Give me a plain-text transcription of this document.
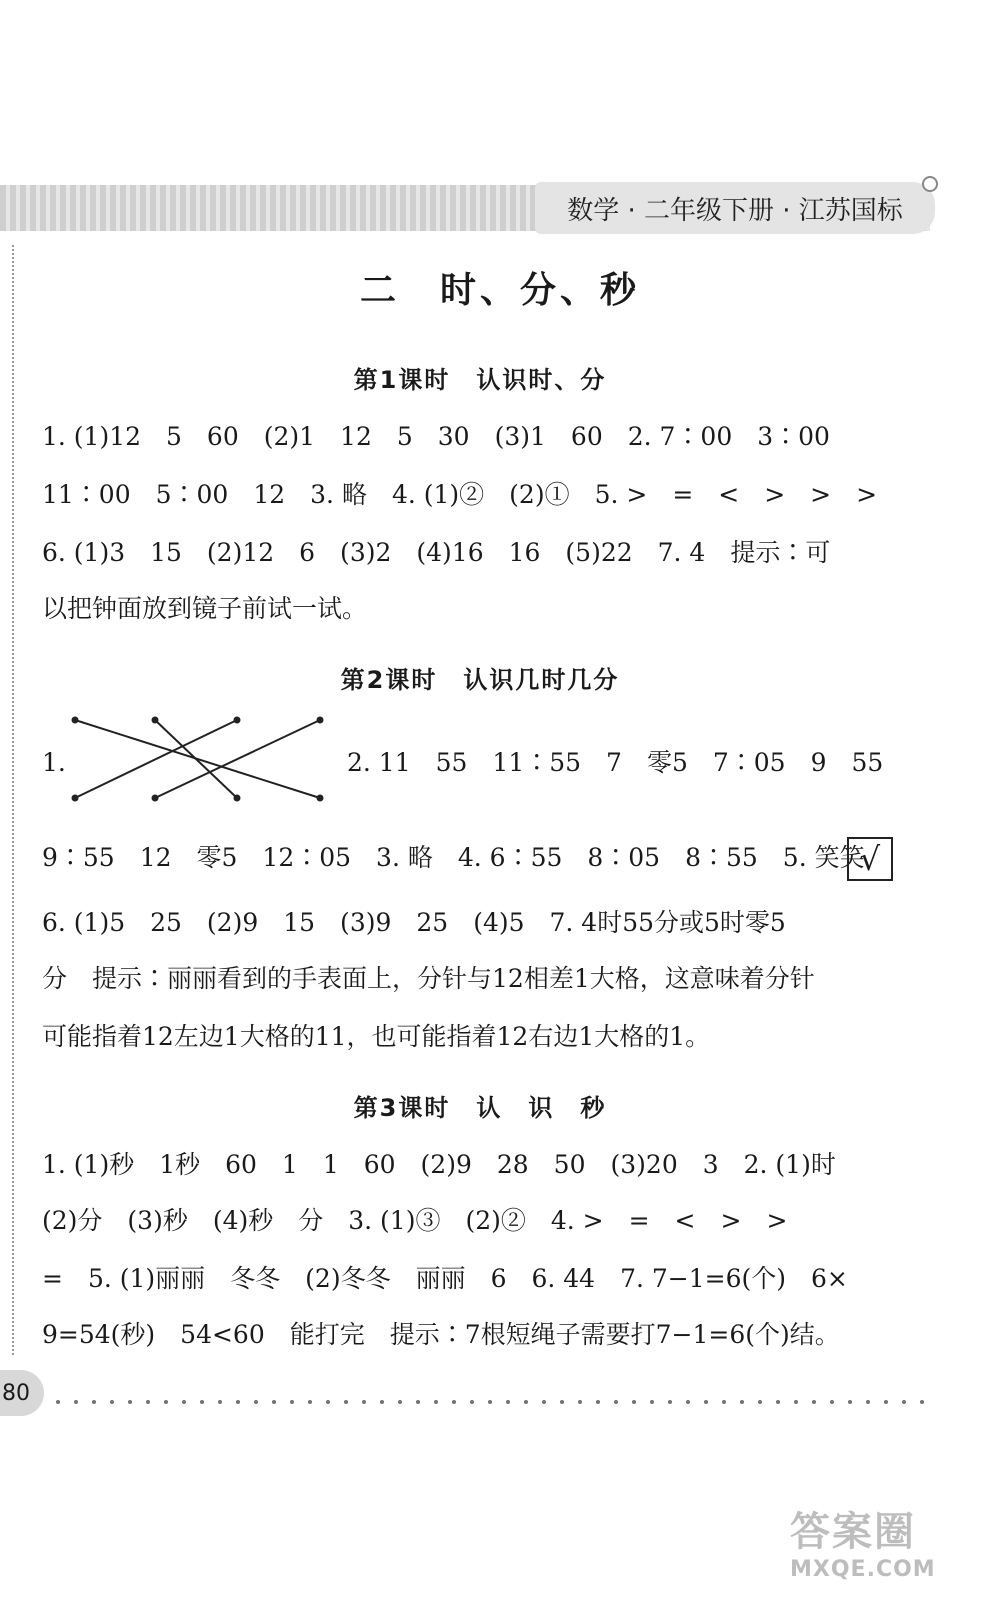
数学 · 二年级下册 · 江苏国标
二　时、分、秒
第1课时　认识时、分
1. (1)12　5　60　(2)1　12　5　30　(3)1　60　2. 7∶00　3∶00
11∶00　5∶00　12　3. 略　4. (1)②　(2)①　5. >　=　<　>　>　>
6. (1)3　15　(2)12　6　(3)2　(4)16　16　(5)22　7. 4　提示∶可
以把钟面放到镜子前试一试。
第2课时　认识几时几分
1.	2. 11　55　11∶55　7　零5　7∶05　9　55
9∶55　12　零5　12∶05　3. 略　4. 6∶55　8∶05　8∶55　5. 笑笑
√
6. (1)5　25　(2)9　15　(3)9　25　(4)5　7. 4时55分或5时零5
分　提示∶丽丽看到的手表面上，分针与12相差1大格，这意味着分针
可能指着12左边1大格的11，也可能指着12右边1大格的1。
第3课时　认　识　秒
1. (1)秒　1秒　60　1　1　60　(2)9　28　50　(3)20　3　2. (1)时
(2)分　(3)秒　(4)秒　分　3. (1)③　(2)②　4. >　=　<　>　>
=　5. (1)丽丽　冬冬　(2)冬冬　丽丽　6　6. 44　7. 7−1=6(个)　6×
9=54(秒)　54<60　能打完　提示∶7根短绳子需要打7−1=6(个)结。
80
答案圈
MXQE.COM
